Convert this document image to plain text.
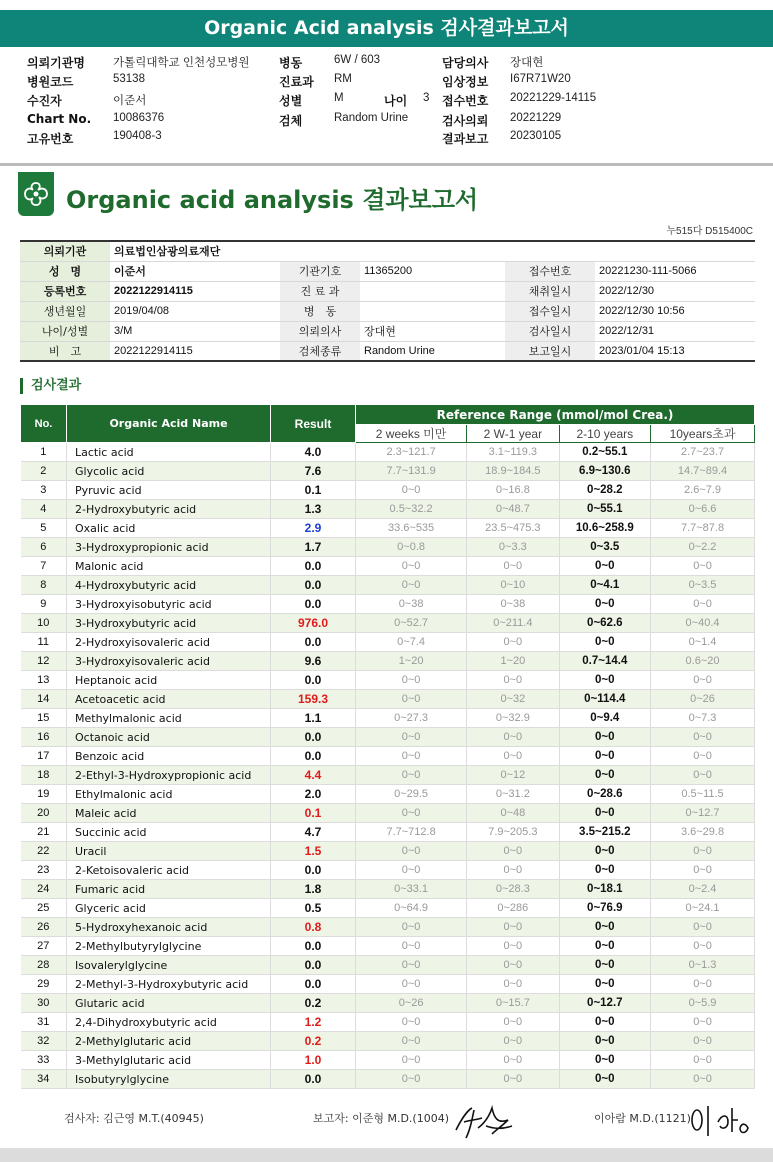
Organic Acid analysis 검사결과보고서
의뢰기관명 가톨릭대학교 인천성모병원 병동	6W / 603	담당의사 장대현
병원코드	53138	진료과 RM	임상정보 I67R71W20
수진자	이준서	성별	M	나이 3 접수번호 20221229-14115
Chart No. 10086376	검체	Random Urine	검사의뢰 20221229
고유번호	190408-3	결과보고 20230105
Organic acid analysis 결과보고서
누515다 D515400C
의뢰기관	의료법인삼광의료재단				
성　명	이준서	기관기호	11365200	접수번호	20221230-111-5066
등록번호	2022122914115	진 료 과		채취일시	2022/12/30
생년월일	2019/04/08	병　동		접수일시	2022/12/30 10:56
나이/성별	3/M	의뢰의사	장대현	검사일시	2022/12/31
비　고	2022122914115	검체종류	Random Urine	보고일시	2023/01/04 15:13
검사결과
No.	Organic Acid Name	Result	Reference Range (mmol/mol Crea.)			
			2 weeks 미만	2 W-1 year	2-10 years	10years초과
1	Lactic acid	4.0	2.3~121.7	3.1~119.3	0.2~55.1	2.7~23.7
2	Glycolic acid	7.6	7.7~131.9	18.9~184.5	6.9~130.6	14.7~89.4
3	Pyruvic acid	0.1	0~0	0~16.8	0~28.2	2.6~7.9
4	2-Hydroxybutyric acid	1.3	0.5~32.2	0~48.7	0~55.1	0~6.6
5	Oxalic acid	2.9	33.6~535	23.5~475.3	10.6~258.9	7.7~87.8
6	3-Hydroxypropionic acid	1.7	0~0.8	0~3.3	0~3.5	0~2.2
7	Malonic acid	0.0	0~0	0~0	0~0	0~0
8	4-Hydroxybutyric acid	0.0	0~0	0~10	0~4.1	0~3.5
9	3-Hydroxyisobutyric acid	0.0	0~38	0~38	0~0	0~0
10	3-Hydroxybutyric acid	976.0	0~52.7	0~211.4	0~62.6	0~40.4
11	2-Hydroxyisovaleric acid	0.0	0~7.4	0~0	0~0	0~1.4
12	3-Hydroxyisovaleric acid	9.6	1~20	1~20	0.7~14.4	0.6~20
13	Heptanoic acid	0.0	0~0	0~0	0~0	0~0
14	Acetoacetic acid	159.3	0~0	0~32	0~114.4	0~26
15	Methylmalonic acid	1.1	0~27.3	0~32.9	0~9.4	0~7.3
16	Octanoic acid	0.0	0~0	0~0	0~0	0~0
17	Benzoic acid	0.0	0~0	0~0	0~0	0~0
18	2-Ethyl-3-Hydroxypropionic acid	4.4	0~0	0~12	0~0	0~0
19	Ethylmalonic acid	2.0	0~29.5	0~31.2	0~28.6	0.5~11.5
20	Maleic acid	0.1	0~0	0~48	0~0	0~12.7
21	Succinic acid	4.7	7.7~712.8	7.9~205.3	3.5~215.2	3.6~29.8
22	Uracil	1.5	0~0	0~0	0~0	0~0
23	2-Ketoisovaleric acid	0.0	0~0	0~0	0~0	0~0
24	Fumaric acid	1.8	0~33.1	0~28.3	0~18.1	0~2.4
25	Glyceric acid	0.5	0~64.9	0~286	0~76.9	0~24.1
26	5-Hydroxyhexanoic acid	0.8	0~0	0~0	0~0	0~0
27	2-Methylbutyrylglycine	0.0	0~0	0~0	0~0	0~0
28	Isovalerylglycine	0.0	0~0	0~0	0~0	0~1.3
29	2-Methyl-3-Hydroxybutyric acid	0.0	0~0	0~0	0~0	0~0
30	Glutaric acid	0.2	0~26	0~15.7	0~12.7	0~5.9
31	2,4-Dihydroxybutyric acid	1.2	0~0	0~0	0~0	0~0
32	2-Methylglutaric acid	0.2	0~0	0~0	0~0	0~0
33	3-Methylglutaric acid	1.0	0~0	0~0	0~0	0~0
34	Isobutyrylglycine	0.0	0~0	0~0	0~0	0~0
검사자: 김근영 M.T.(40945)	보고자: 이준형 M.D.(1004)	이아람 M.D.(1121)
